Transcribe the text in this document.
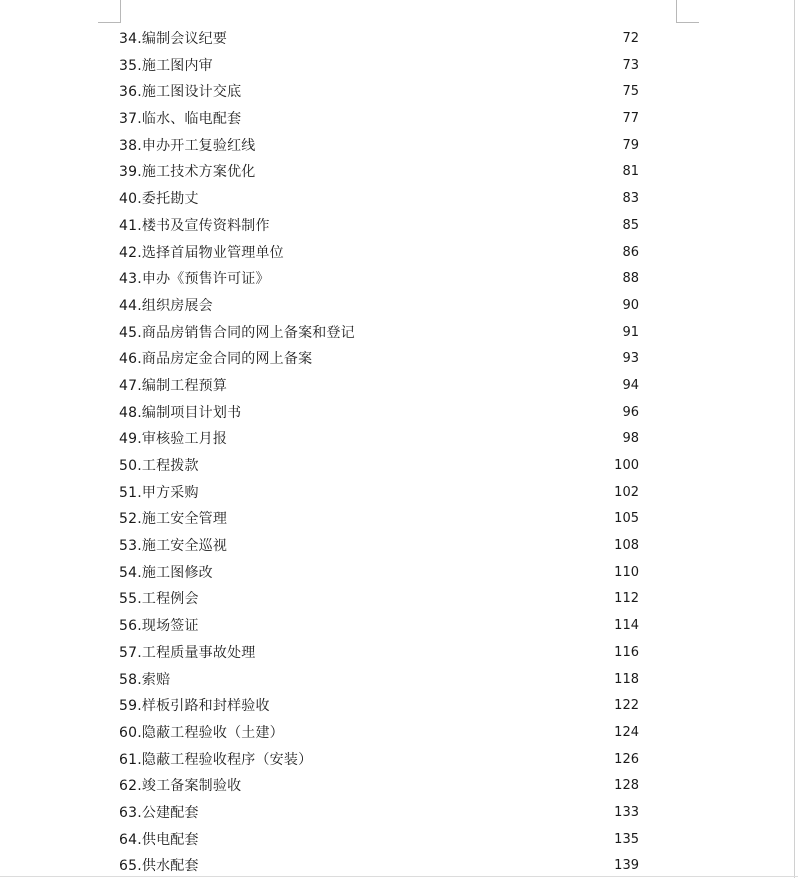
34.编制会议纪要	72
35.施工图内审	73
36.施工图设计交底	75
37.临水、临电配套	77
38.申办开工复验红线	79
39.施工技术方案优化	81
40.委托勘丈	83
41.楼书及宣传资料制作	85
42.选择首届物业管理单位	86
43.申办《预售许可证》	88
44.组织房展会	90
45.商品房销售合同的网上备案和登记	91
46.商品房定金合同的网上备案	93
47.编制工程预算	94
48.编制项目计划书	96
49.审核验工月报	98
50.工程拨款	100
51.甲方采购	102
52.施工安全管理	105
53.施工安全巡视	108
54.施工图修改	110
55.工程例会	112
56.现场签证	114
57.工程质量事故处理	116
58.索赔	118
59.样板引路和封样验收	122
60.隐蔽工程验收（土建）	124
61.隐蔽工程验收程序（安装）	126
62.竣工备案制验收	128
63.公建配套	133
64.供电配套	135
65.供水配套	139
